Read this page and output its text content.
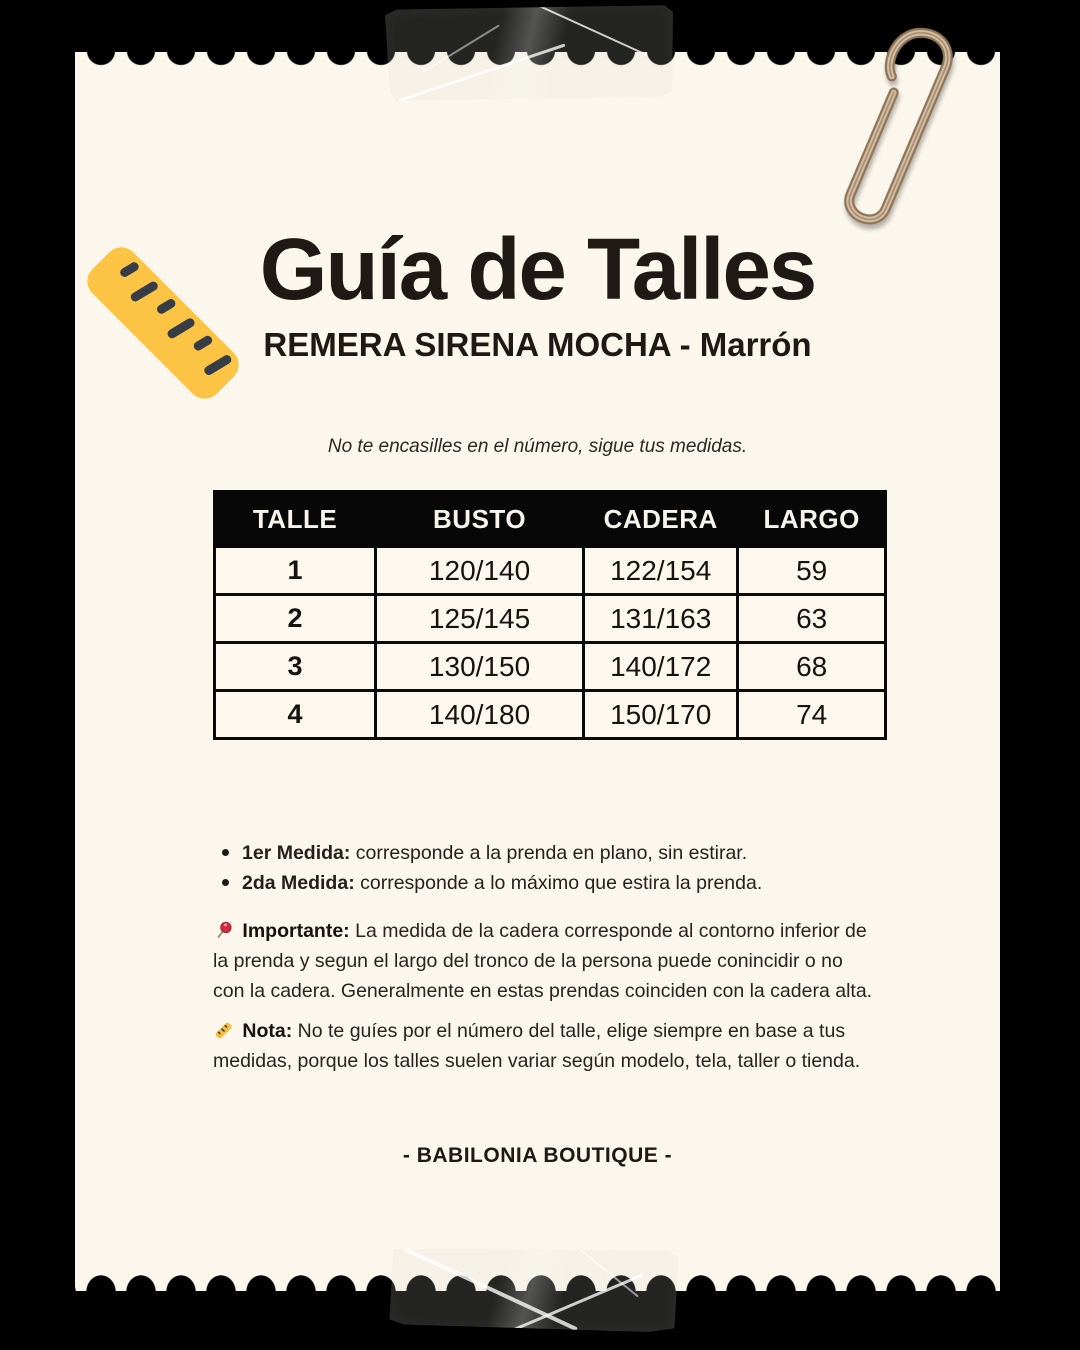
Guía de Talles
REMERA SIRENA MOCHA - Marrón
No te encasilles en el número, sigue tus medidas.
TALLE	BUSTO	CADERA	LARGO
1	120/140	122/154	59
2	125/145	131/163	63
3	130/150	140/172	68
4	140/180	150/170	74
1er Medida: corresponde a la prenda en plano, sin estirar.
2da Medida: corresponde a lo máximo que estira la prenda.

Importante: La medida de la cadera corresponde al contorno inferior de la prenda y segun el largo del tronco de la persona puede conincidir o no con la cadera. Generalmente en estas prendas coinciden con la cadera alta.

Nota: No te guíes por el número del talle, elige siempre en base a tus medidas, porque los talles suelen variar según modelo, tela, taller o tienda.

- BABILONIA BOUTIQUE -
